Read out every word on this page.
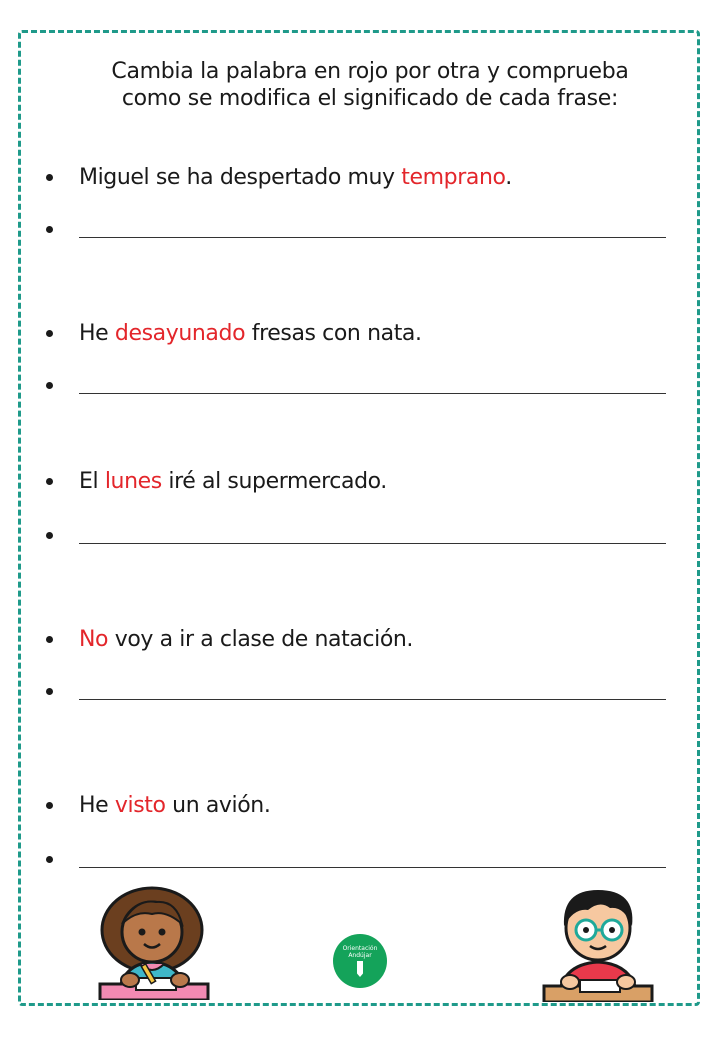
Cambia la palabra en rojo por otra y comprueba
como se modifica el significado de cada frase:
Miguel se ha despertado muy temprano.
He desayunado fresas con nata.
El lunes iré al supermercado.
No voy a ir a clase de natación.
He visto un avión.
Orientación
Andújar
